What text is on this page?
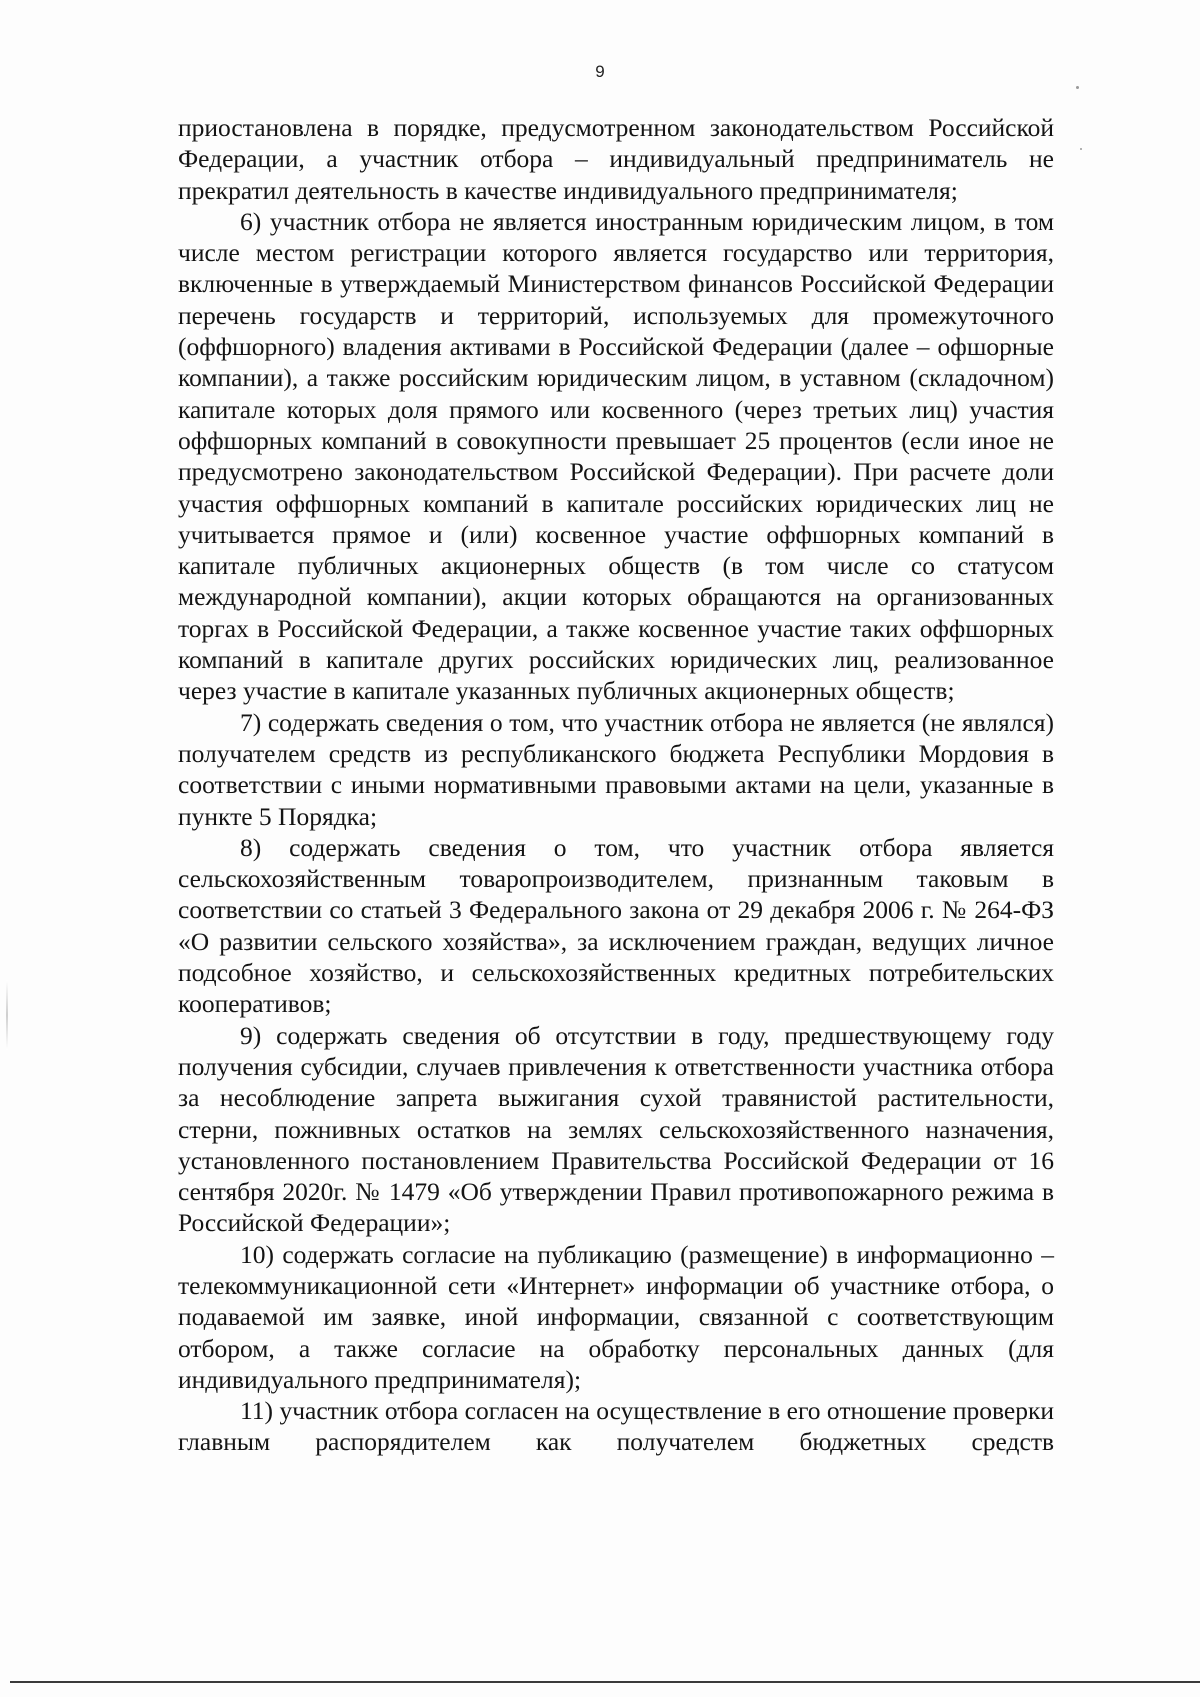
9

приостановлена в порядке, предусмотренном законодательством Российской Федерации, а участник отбора – индивидуальный предприниматель не прекратил деятельность в качестве индивидуального предпринимателя;

6) участник отбора не является иностранным юридическим лицом, в том числе местом регистрации которого является государство или территория, включенные в утверждаемый Министерством финансов Российской Федерации перечень государств и территорий, используемых для промежуточного (оффшорного) владения активами в Российской Федерации (далее – офшорные компании), а также российским юридическим лицом, в уставном (складочном) капитале которых доля прямого или косвенного (через третьих лиц) участия оффшорных компаний в совокупности превышает 25 процентов (если иное не предусмотрено законодательством Российской Федерации). При расчете доли участия оффшорных компаний в капитале российских юридических лиц не учитывается прямое и (или) косвенное участие оффшорных компаний в капитале публичных акционерных обществ (в том числе со статусом международной компании), акции которых обращаются на организованных торгах в Российской Федерации, а также косвенное участие таких оффшорных компаний в капитале других российских юридических лиц, реализованное через участие в капитале указанных публичных акционерных обществ;

7) содержать сведения о том, что участник отбора не является (не являлся) получателем средств из республиканского бюджета Республики Мордовия в соответствии с иными нормативными правовыми актами на цели, указанные в пункте 5 Порядка;

8) содержать сведения о том, что участник отбора является сельскохозяйственным товаропроизводителем, признанным таковым в соответствии со статьей 3 Федерального закона от 29 декабря 2006 г. № 264-ФЗ «О развитии сельского хозяйства», за исключением граждан, ведущих личное подсобное хозяйство, и сельскохозяйственных кредитных потребительских кооперативов;

9) содержать сведения об отсутствии в году, предшествующему году получения субсидии, случаев привлечения к ответственности участника отбора за несоблюдение запрета выжигания сухой травянистой растительности, стерни, пожнивных остатков на землях сельскохозяйственного назначения, установленного постановлением Правительства Российской Федерации от 16 сентября 2020г. № 1479 «Об утверждении Правил противопожарного режима в Российской Федерации»;

10) содержать согласие на публикацию (размещение) в информационно – телекоммуникационной сети «Интернет» информации об участнике отбора, о подаваемой им заявке, иной информации, связанной с соответствующим отбором, а также согласие на обработку персональных данных (для индивидуального предпринимателя);

11) участник отбора согласен на осуществление в его отношение проверки главным распорядителем как получателем бюджетных средств
